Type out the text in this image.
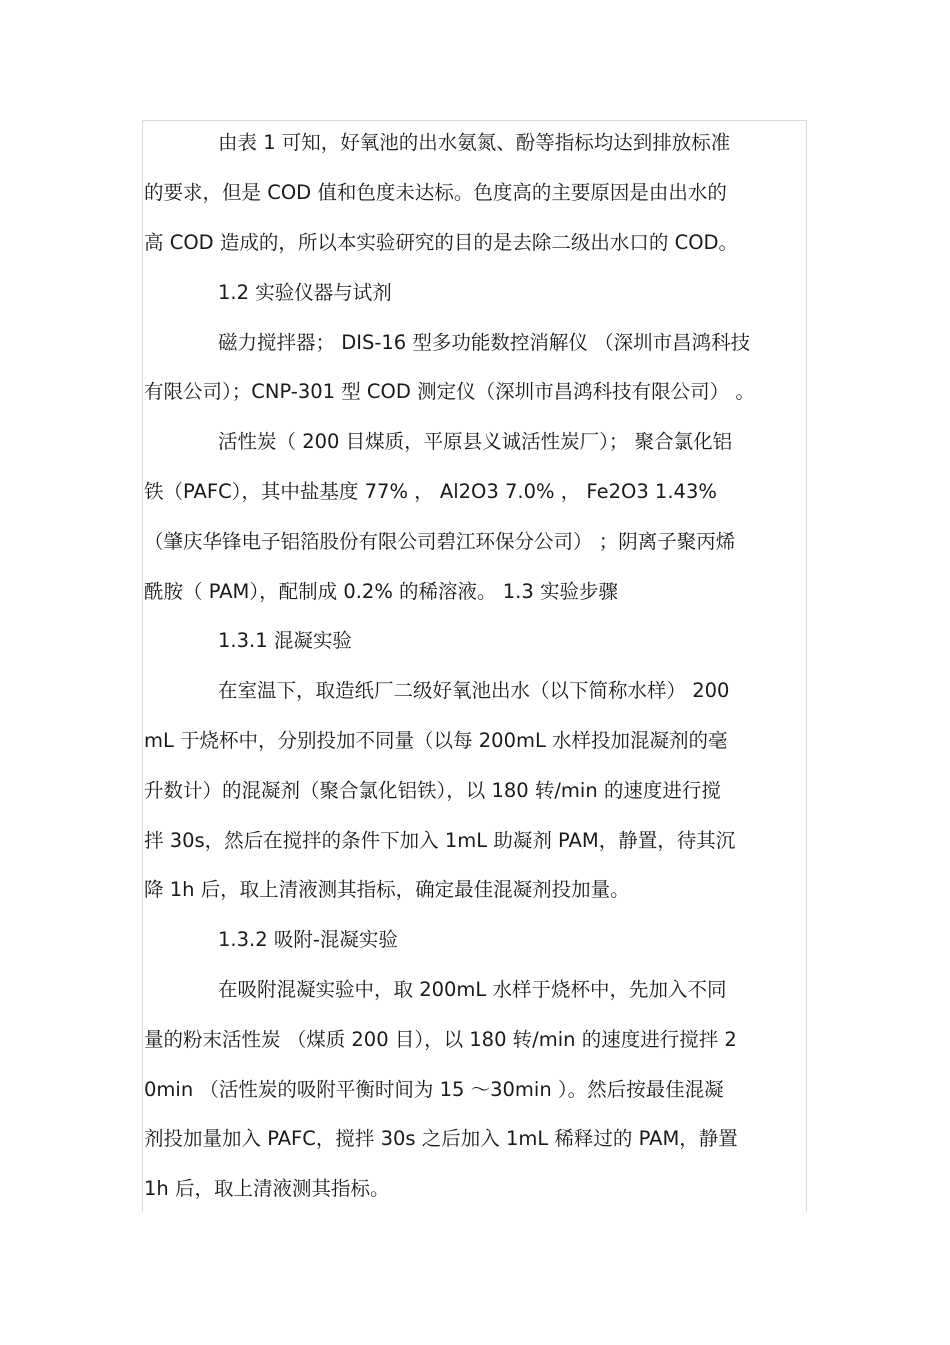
由表 1 可知，好氧池的出水氨氮、酚等指标均达到排放标准
的要求，但是 COD 值和色度未达标。色度高的主要原因是由出水的
高 COD 造成的，所以本实验研究的目的是去除二级出水口的 COD。
1.2 实验仪器与试剂
磁力搅拌器； DIS-16 型多功能数控消解仪 （深圳市昌鸿科技
有限公司）；CNP-301 型 COD 测定仪（深圳市昌鸿科技有限公司） 。
活性炭（ 200 目煤质，平原县义诚活性炭厂）； 聚合氯化铝
铁（PAFC），其中盐基度 77% ， Al2O3 7.0% ， Fe2O3 1.43%
（肇庆华锋电子铝箔股份有限公司碧江环保分公司） ；阴离子聚丙烯
酰胺（ PAM），配制成 0.2% 的稀溶液。 1.3 实验步骤
1.3.1 混凝实验
在室温下，取造纸厂二级好氧池出水（以下简称水样） 200
mL 于烧杯中，分别投加不同量（以每 200mL 水样投加混凝剂的毫
升数计）的混凝剂（聚合氯化铝铁），以 180 转/min 的速度进行搅
拌 30s，然后在搅拌的条件下加入 1mL 助凝剂 PAM，静置，待其沉
降 1h 后，取上清液测其指标，确定最佳混凝剂投加量。
1.3.2 吸附-混凝实验
在吸附混凝实验中，取 200mL 水样于烧杯中，先加入不同
量的粉末活性炭 （煤质 200 目），以 180 转/min 的速度进行搅拌 2
0min （活性炭的吸附平衡时间为 15 ～30min ）。然后按最佳混凝
剂投加量加入 PAFC，搅拌 30s 之后加入 1mL 稀释过的 PAM，静置
1h 后，取上清液测其指标。
